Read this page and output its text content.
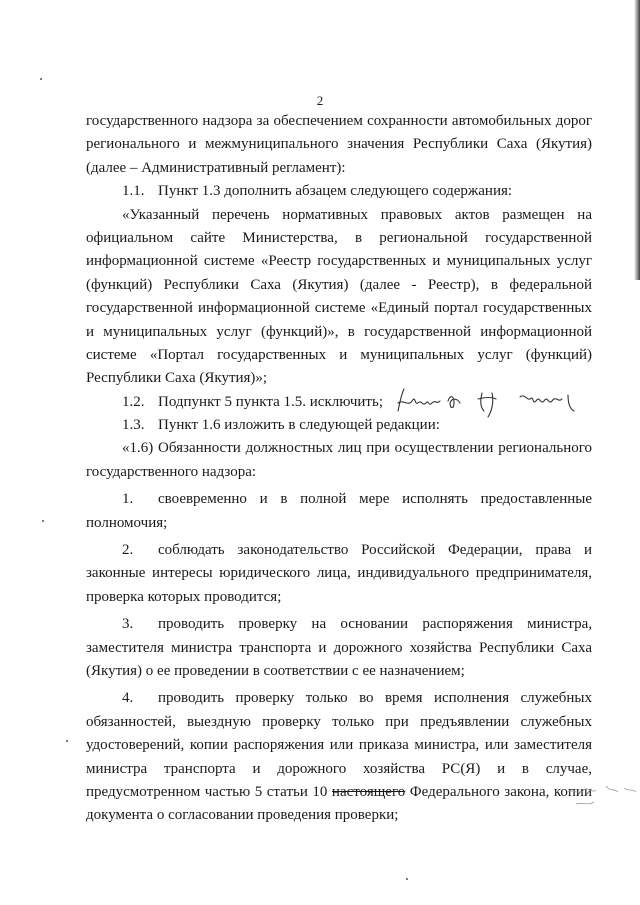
2
государственного надзора за обеспечением сохранности автомобильных дорог
регионального и межмуниципального значения Республики Саха (Якутия)
(далее – Административный регламент):
1.1. Пункт 1.3 дополнить абзацем следующего содержания:
«Указанный перечень нормативных правовых актов размещен на
официальном сайте Министерства, в региональной государственной
информационной системе «Реестр государственных и муниципальных услуг
(функций) Республики Саха (Якутия) (далее - Реестр), в федеральной
государственной информационной системе «Единый портал государственных
и муниципальных услуг (функций)», в государственной информационной
системе «Портал государственных и муниципальных услуг (функций)
Республики Саха (Якутия)»;
1.2. Подпункт 5 пункта 1.5. исключить;
1.3. Пункт 1.6 изложить в следующей редакции:
«1.6) Обязанности должностных лиц при осуществлении регионального
государственного надзора:
1. своевременно и в полной мере исполнять предоставленные
полномочия;
2. соблюдать законодательство Российской Федерации, права и
законные интересы юридического лица, индивидуального предпринимателя,
проверка которых проводится;
3. проводить проверку на основании распоряжения министра,
заместителя министра транспорта и дорожного хозяйства Республики Саха
(Якутия) о ее проведении в соответствии с ее назначением;
4. проводить проверку только во время исполнения служебных
обязанностей, выездную проверку только при предъявлении служебных
удостоверений, копии распоряжения или приказа министра, или заместителя
министра транспорта и дорожного хозяйства РС(Я) и в случае,
предусмотренном частью 5 статьи 10 настоящего Федерального закона, копии
документа о согласовании проведения проверки;
